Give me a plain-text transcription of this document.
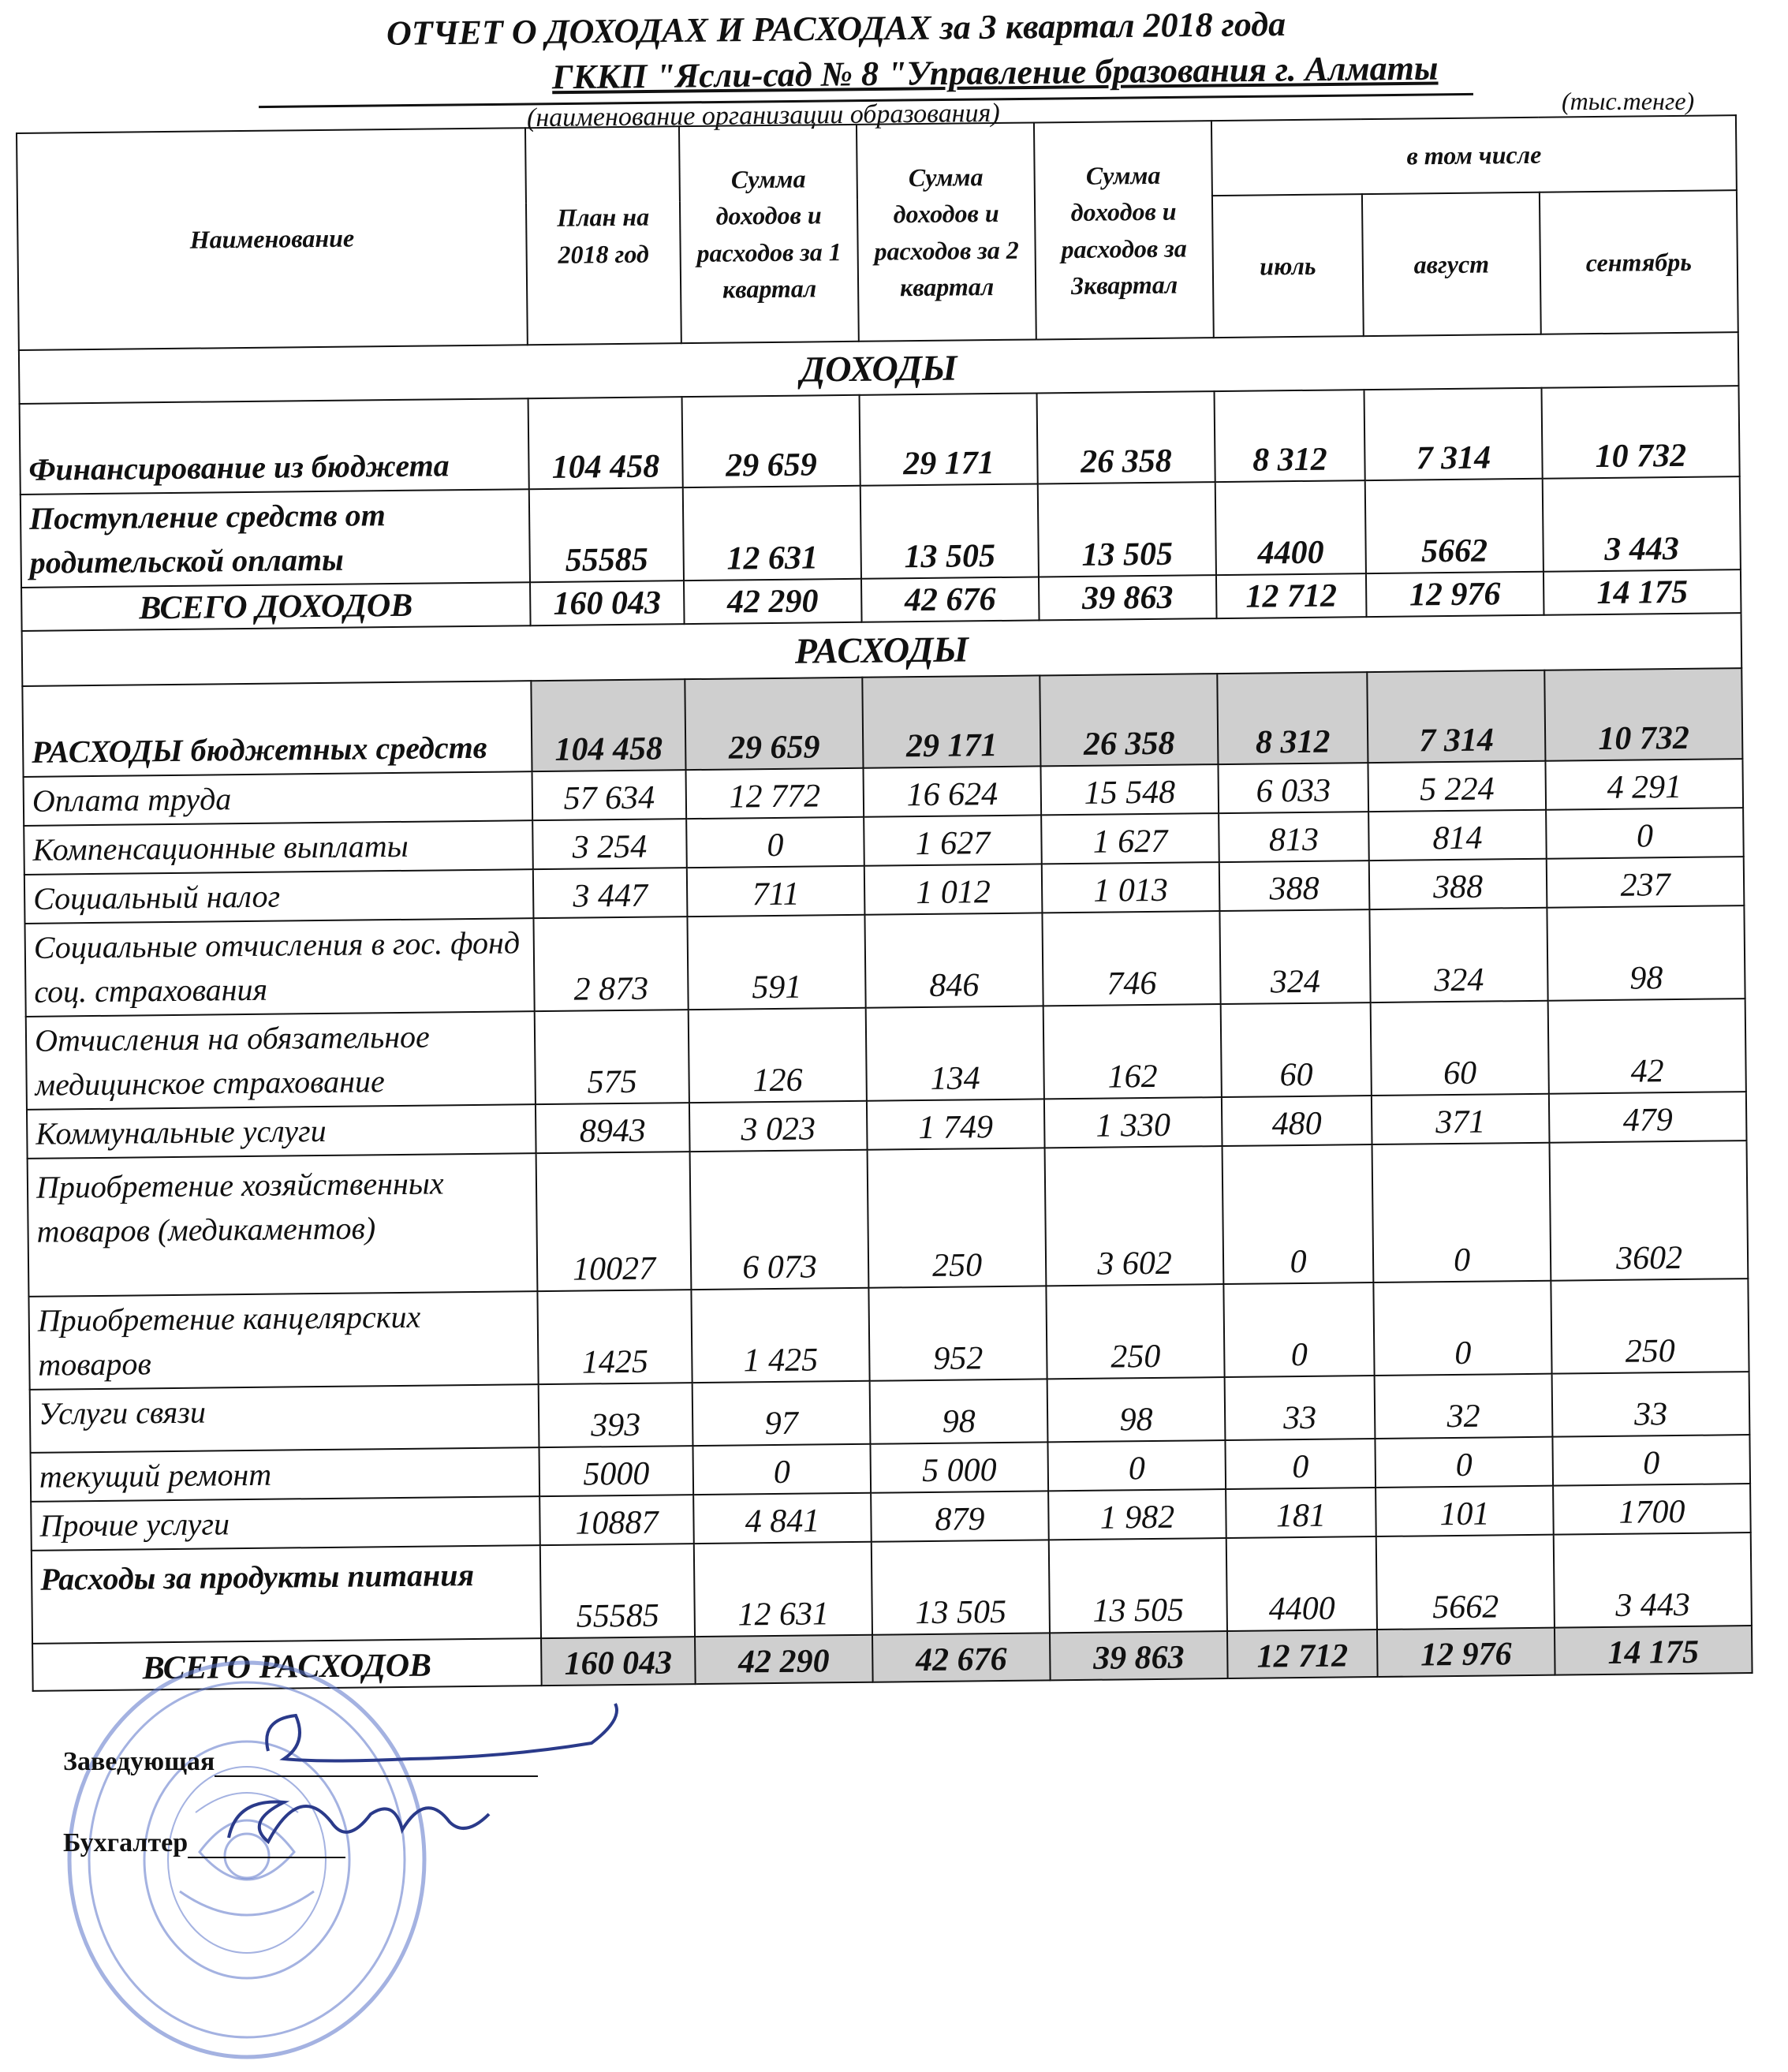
ОТЧЕТ О ДОХОДАХ И РАСХОДАХ за 3 квартал 2018 года
ГККП "Ясли-сад № 8 "Управление бразования г. Алматы
(наименование организации образования)	(тыс.тенге)
Наименование	План на 2018 год	Сумма доходов и расходов за 1 квартал	Сумма доходов и расходов за 2 квартал	Сумма доходов и расходов за 3квартал	в том числе		
					июль	август	сентябрь
ДОХОДЫ							
Финансирование из бюджета	104 458	29 659	29 171	26 358	8 312	7 314	10 732
Поступление средств от родительской оплаты	55585	12 631	13 505	13 505	4400	5662	3 443
ВСЕГО ДОХОДОВ	160 043	42 290	42 676	39 863	12 712	12 976	14 175
РАСХОДЫ							
РАСХОДЫ бюджетных средств	104 458	29 659	29 171	26 358	8 312	7 314	10 732
Оплата труда	57 634	12 772	16 624	15 548	6 033	5 224	4 291
Компенсационные выплаты	3 254	0	1 627	1 627	813	814	0
Социальный налог	3 447	711	1 012	1 013	388	388	237
Социальные отчисления в гос. фонд соц. страхования	2 873	591	846	746	324	324	98
Отчисления на обязательное медицинское страхование	575	126	134	162	60	60	42
Коммунальные услуги	8943	3 023	1 749	1 330	480	371	479
Приобретение хозяйственных товаров (медикаментов)	10027	6 073	250	3 602	0	0	3602
Приобретение канцелярских товаров	1425	1 425	952	250	0	0	250
Услуги связи	393	97	98	98	33	32	33
текущий ремонт	5000	0	5 000	0	0	0	0
Прочие услуги	10887	4 841	879	1 982	181	101	1700
Расходы за продукты питания	55585	12 631	13 505	13 505	4400	5662	3 443
ВСЕГО РАСХОДОВ	160 043	42 290	42 676	39 863	12 712	12 976	14 175
Заведующая
Бухгалтер
